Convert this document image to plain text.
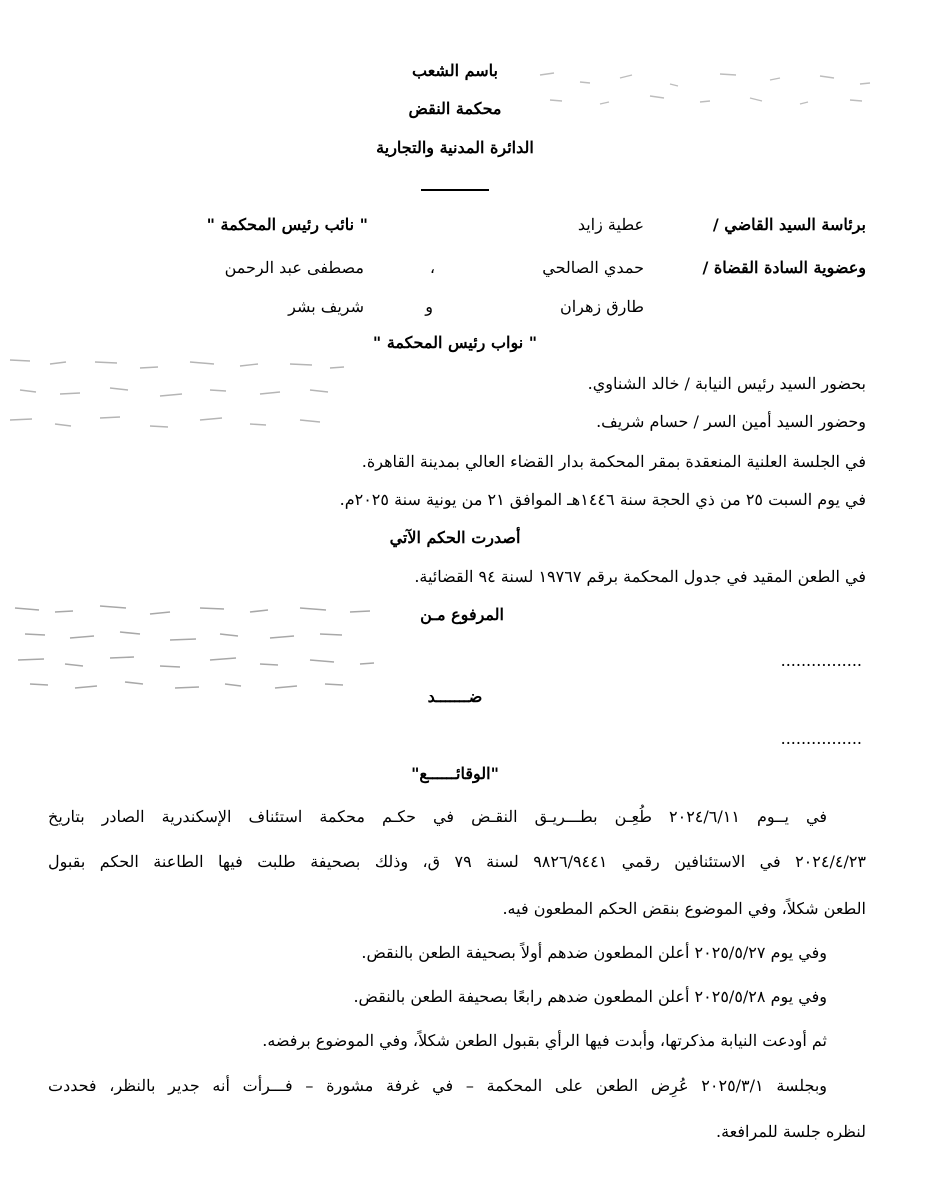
باسم الشعب
محكمة النقض
الدائرة المدنية والتجارية
برئاسة السيد القاضي /
عطية زايد
" نائب رئيس المحكمة "
وعضوية السادة القضاة /
حمدي الصالحي
،
مصطفى عبد الرحمن
طارق زهران
و
شريف بشر
" نواب رئيس المحكمة "
بحضور السيد رئيس النيابة / خالد الشناوي.
وحضور السيد أمين السر / حسام شريف.
في الجلسة العلنية المنعقدة بمقر المحكمة بدار القضاء العالي بمدينة القاهرة.
في يوم السبت ٢٥ من ذي الحجة سنة ١٤٤٦هـ الموافق ٢١ من يونية سنة ٢٠٢٥م.
أصدرت الحكم الآتي
في الطعن المقيد في جدول المحكمة برقم ١٩٧٦٧ لسنة ٩٤ القضائية.
المرفوع مـن
................
ضـــــــد
................
"الوقائــــــع"
في يــوم ٢٠٢٤/٦/١١ طُعِـن بطـــريـق النقـض في حكـم محكمة استئناف الإسكندرية الصادر بتاريخ
٢٠٢٤/٤/٢٣ في الاستئنافين رقمي ٩٨٢٦/٩٤٤١ لسنة ٧٩ ق، وذلك بصحيفة طلبت فيها الطاعنة الحكم بقبول
الطعن شكلاً، وفي الموضوع بنقض الحكم المطعون فيه.
وفي يوم ٢٠٢٥/٥/٢٧ أعلن المطعون ضدهم أولاً بصحيفة الطعن بالنقض.
وفي يوم ٢٠٢٥/٥/٢٨ أعلن المطعون ضدهم رابعًا بصحيفة الطعن بالنقض.
ثم أودعت النيابة مذكرتها، وأبدت فيها الرأي بقبول الطعن شكلاً، وفي الموضوع برفضه.
وبجلسة ٢٠٢٥/٣/١ عُرِض الطعن على المحكمة – في غرفة مشورة – فـــرأت أنه جدير بالنظر، فحددت
لنظره جلسة للمرافعة.
